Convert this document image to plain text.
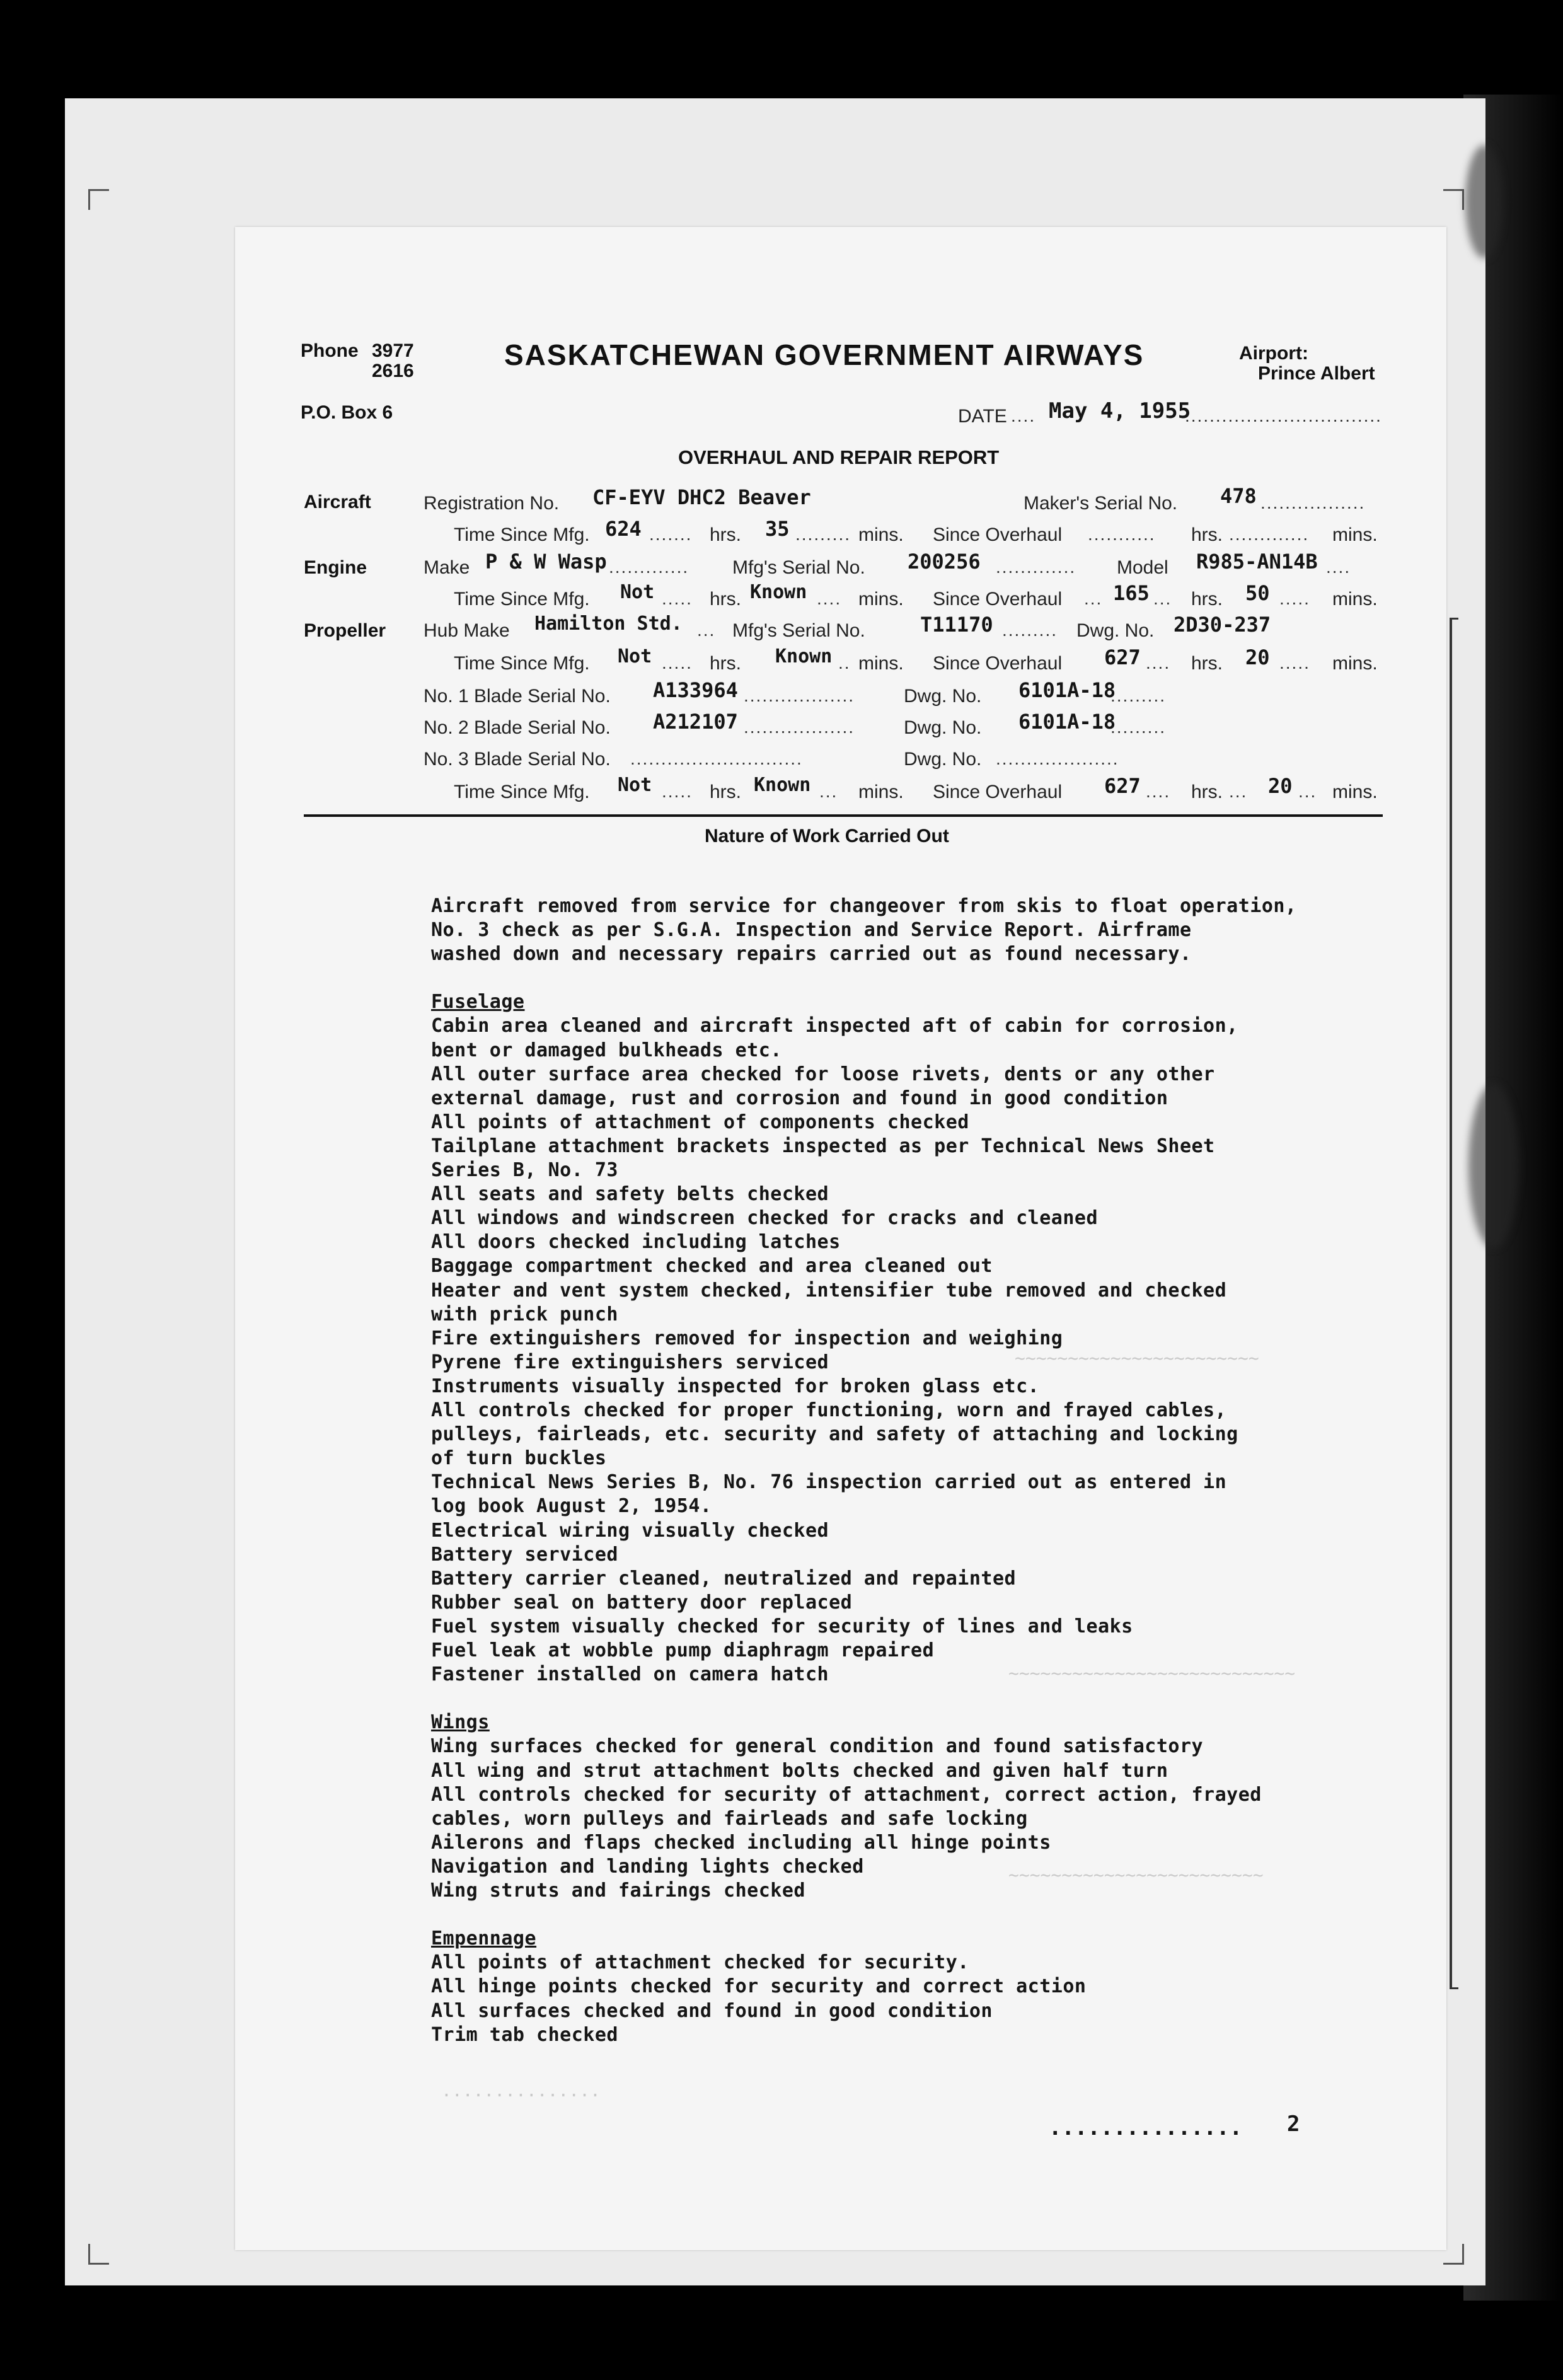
~~~~~~~~~~~~~~~~~~~~~~~
~~~~~~~~~~~~~~~~~~~~~~~~~~~
~~~~~~~~~~~~~~~~~~~~~~~~
...............
Phone 3977
2616
P.O. Box 6
SASKATCHEWAN GOVERNMENT AIRWAYS	Airport:
Prince Albert
DATE .... May 4, 1955
................................
OVERHAUL AND REPAIR REPORT
Aircraft	Registration No. CF-EYV DHC2 Beaver	Maker's Serial No. 478 .................
Time Since Mfg. 624 ....... hrs. 35 ......... mins. Since Overhaul ........... hrs. ............. mins.
Engine	Make P & W Wasp ............. Mfg's Serial No. 200256 ............. Model R985-AN14B ....
Time Since Mfg. Not ..... hrs. Known .... mins. Since Overhaul ... 165 ... hrs. 50 ..... mins.
Propeller Hub Make Hamilton Std. ... Mfg's Serial No.	T11170 ......... Dwg. No. 2D30-237
Time Since Mfg. Not ..... hrs. Known .. mins. Since Overhaul 627 .... hrs. 20 ..... mins.
No. 1 Blade Serial No. A133964 ..................	Dwg. No. 6101A-18
.........
No. 2 Blade Serial No. A212107 ..................	Dwg. No. 6101A-18
.........
No. 3 Blade Serial No. ............................	Dwg. No. ....................
Time Since Mfg. Not ..... hrs. Known ... mins. Since Overhaul 627 .... hrs. ... 20 ... mins.
Nature of Work Carried Out
............... 2
Aircraft removed from service for changeover from skis to float operation,
No. 3 check as per S.G.A. Inspection and Service Report. Airframe
washed down and necessary repairs carried out as found necessary.
Fuselage
Cabin area cleaned and aircraft inspected aft of cabin for corrosion,
bent or damaged bulkheads etc.
All outer surface area checked for loose rivets, dents or any other
external damage, rust and corrosion and found in good condition
All points of attachment of components checked
Tailplane attachment brackets inspected as per Technical News Sheet
Series B, No. 73
All seats and safety belts checked
All windows and windscreen checked for cracks and cleaned
All doors checked including latches
Baggage compartment checked and area cleaned out
Heater and vent system checked, intensifier tube removed and checked
with prick punch
Fire extinguishers removed for inspection and weighing
Pyrene fire extinguishers serviced
Instruments visually inspected for broken glass etc.
All controls checked for proper functioning, worn and frayed cables,
pulleys, fairleads, etc. security and safety of attaching and locking
of turn buckles
Technical News Series B, No. 76 inspection carried out as entered in
log book August 2, 1954.
Electrical wiring visually checked
Battery serviced
Battery carrier cleaned, neutralized and repainted
Rubber seal on battery door replaced
Fuel system visually checked for security of lines and leaks
Fuel leak at wobble pump diaphragm repaired
Fastener installed on camera hatch
Wings
Wing surfaces checked for general condition and found satisfactory
All wing and strut attachment bolts checked and given half turn
All controls checked for security of attachment, correct action, frayed
cables, worn pulleys and fairleads and safe locking
Ailerons and flaps checked including all hinge points
Navigation and landing lights checked
Wing struts and fairings checked
Empennage
All points of attachment checked for security.
All hinge points checked for security and correct action
All surfaces checked and found in good condition
Trim tab checked
